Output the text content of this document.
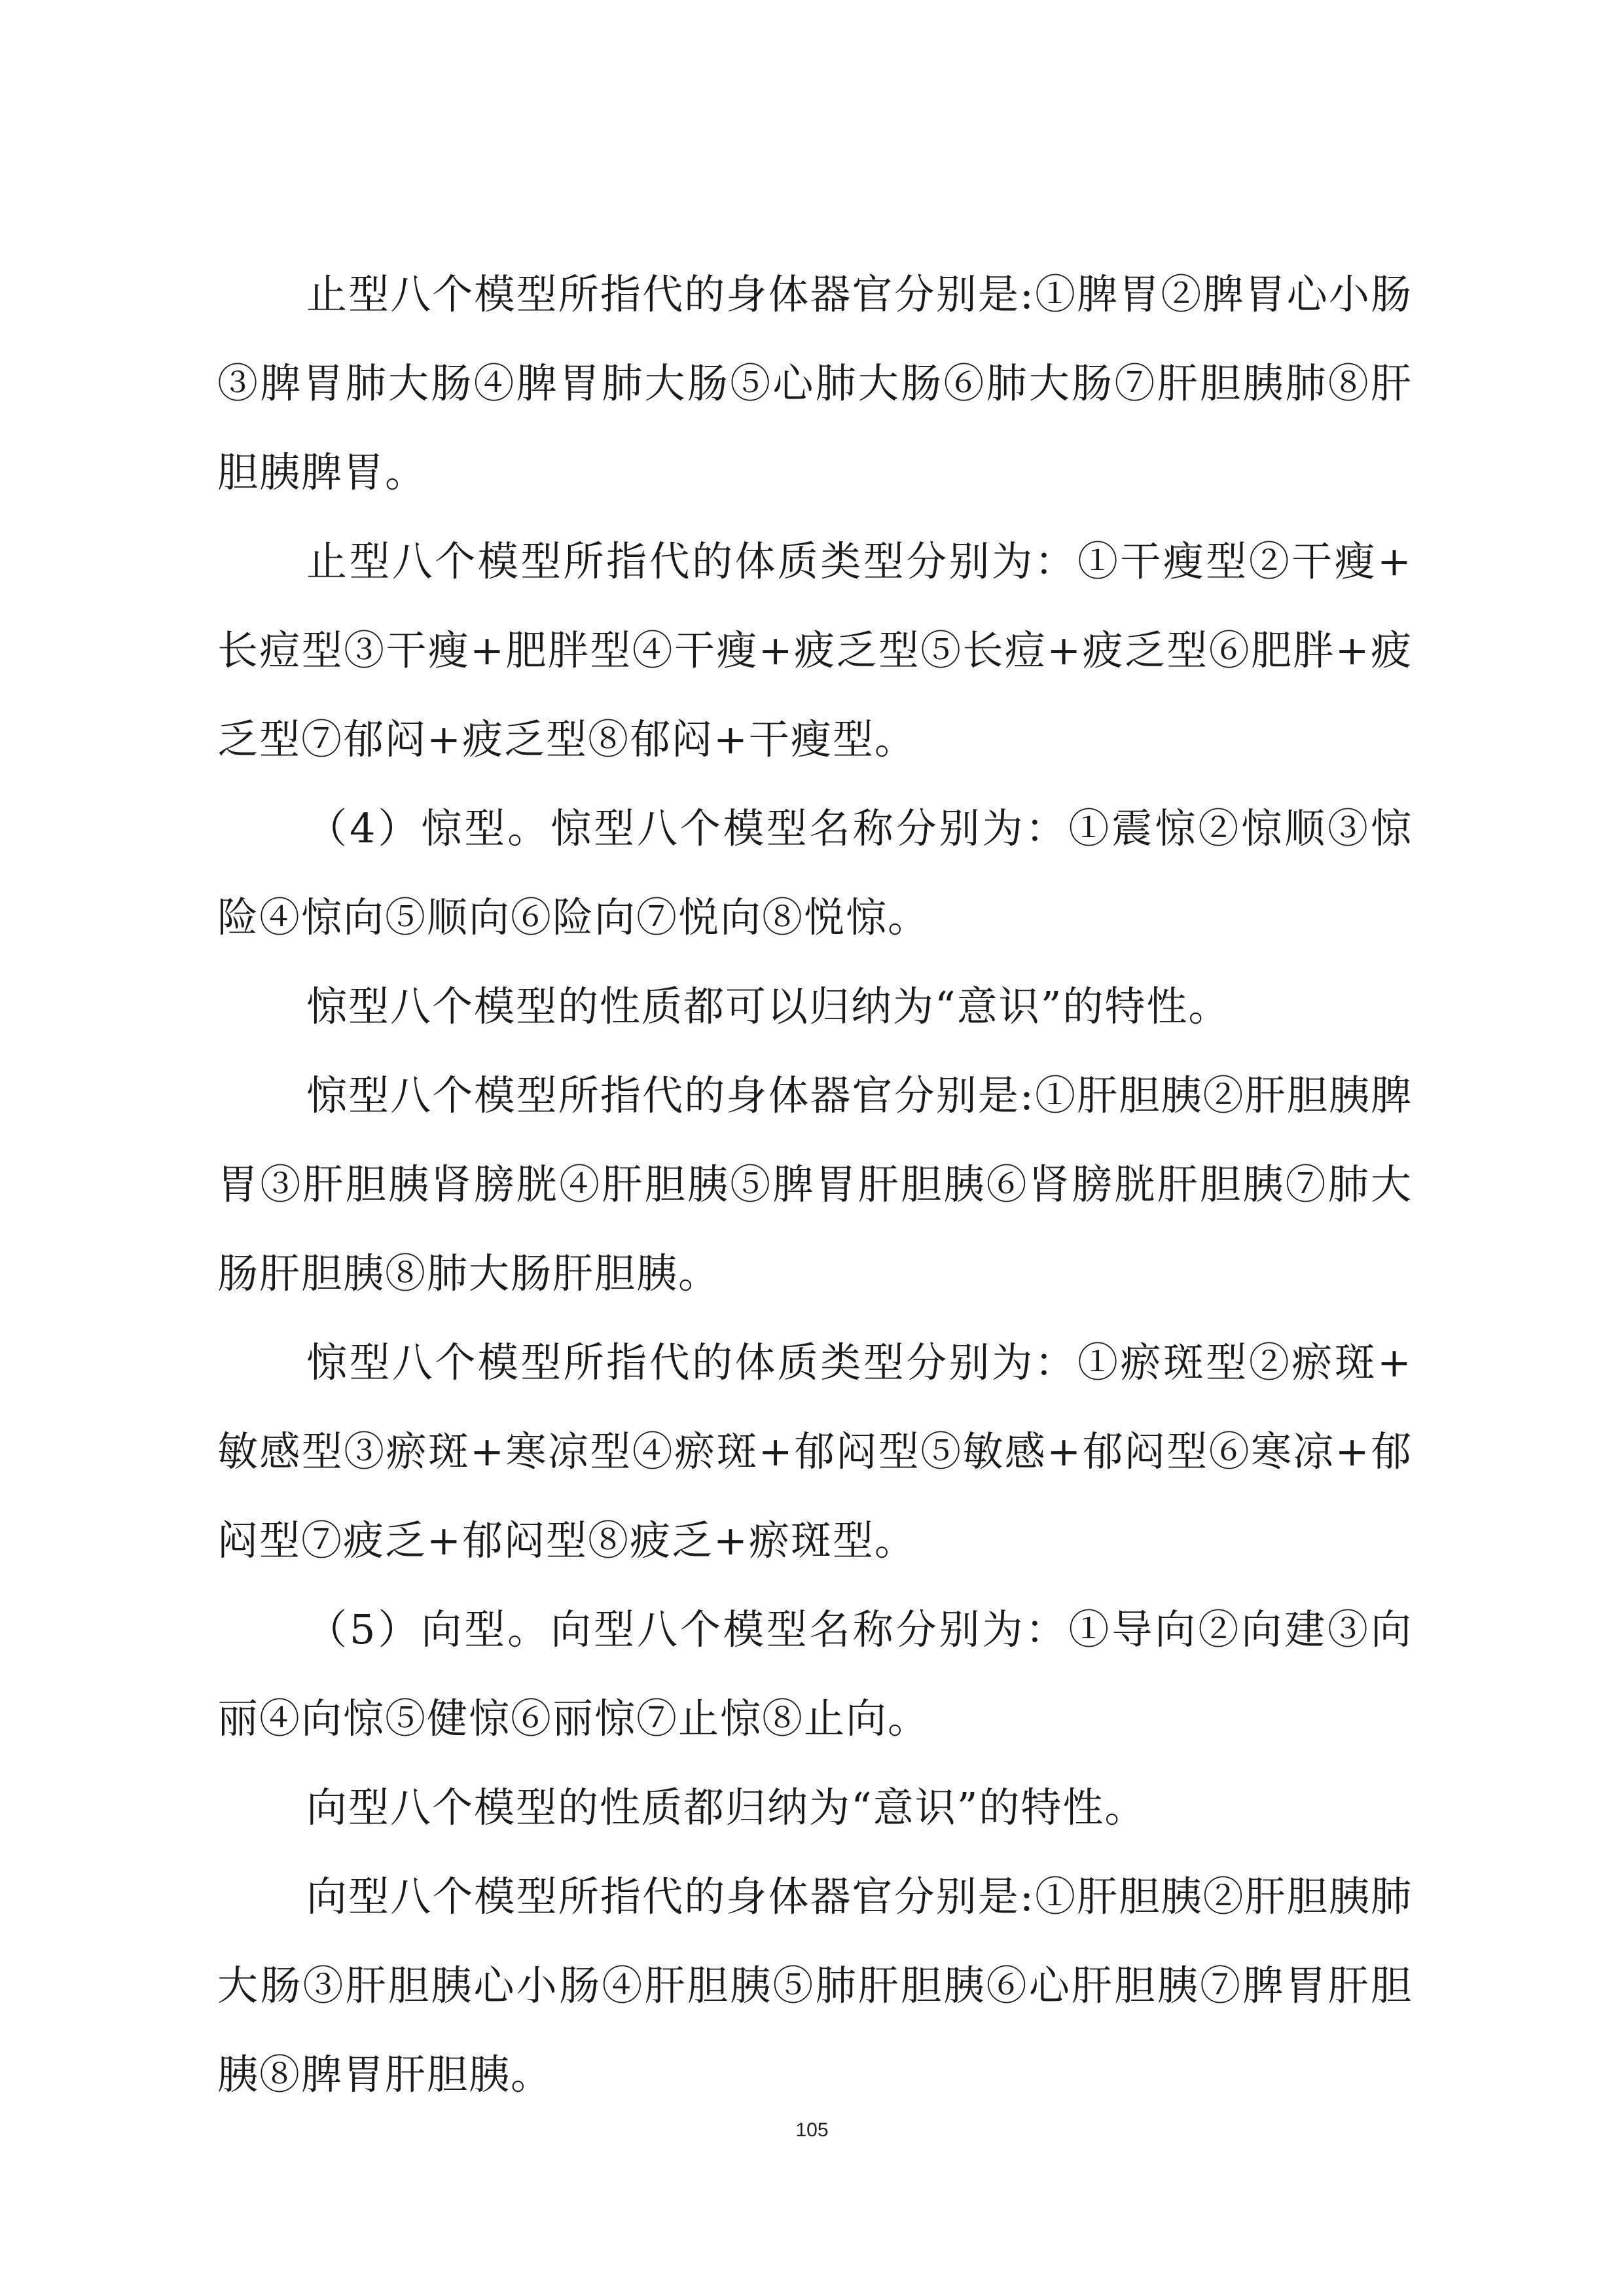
止型八个模型所指代的身体器官分别是:①脾胃②脾胃心小肠③脾胃肺大肠④脾胃肺大肠⑤心肺大肠⑥肺大肠⑦肝胆胰肺⑧肝胆胰脾胃。

止型八个模型所指代的体质类型分别为：①干瘦型②干瘦+长痘型③干瘦+肥胖型④干瘦+疲乏型⑤长痘+疲乏型⑥肥胖+疲乏型⑦郁闷+疲乏型⑧郁闷+干瘦型。

（4）惊型。惊型八个模型名称分别为：①震惊②惊顺③惊险④惊向⑤顺向⑥险向⑦悦向⑧悦惊。

惊型八个模型的性质都可以归纳为“意识”的特性。

惊型八个模型所指代的身体器官分别是:①肝胆胰②肝胆胰脾胃③肝胆胰肾膀胱④肝胆胰⑤脾胃肝胆胰⑥肾膀胱肝胆胰⑦肺大肠肝胆胰⑧肺大肠肝胆胰。

惊型八个模型所指代的体质类型分别为：①瘀斑型②瘀斑+敏感型③瘀斑+寒凉型④瘀斑+郁闷型⑤敏感+郁闷型⑥寒凉+郁闷型⑦疲乏+郁闷型⑧疲乏+瘀斑型。

（5）向型。向型八个模型名称分别为：①导向②向建③向丽④向惊⑤健惊⑥丽惊⑦止惊⑧止向。

向型八个模型的性质都归纳为“意识”的特性。

向型八个模型所指代的身体器官分别是:①肝胆胰②肝胆胰肺大肠③肝胆胰心小肠④肝胆胰⑤肺肝胆胰⑥心肝胆胰⑦脾胃肝胆胰⑧脾胃肝胆胰。

105
